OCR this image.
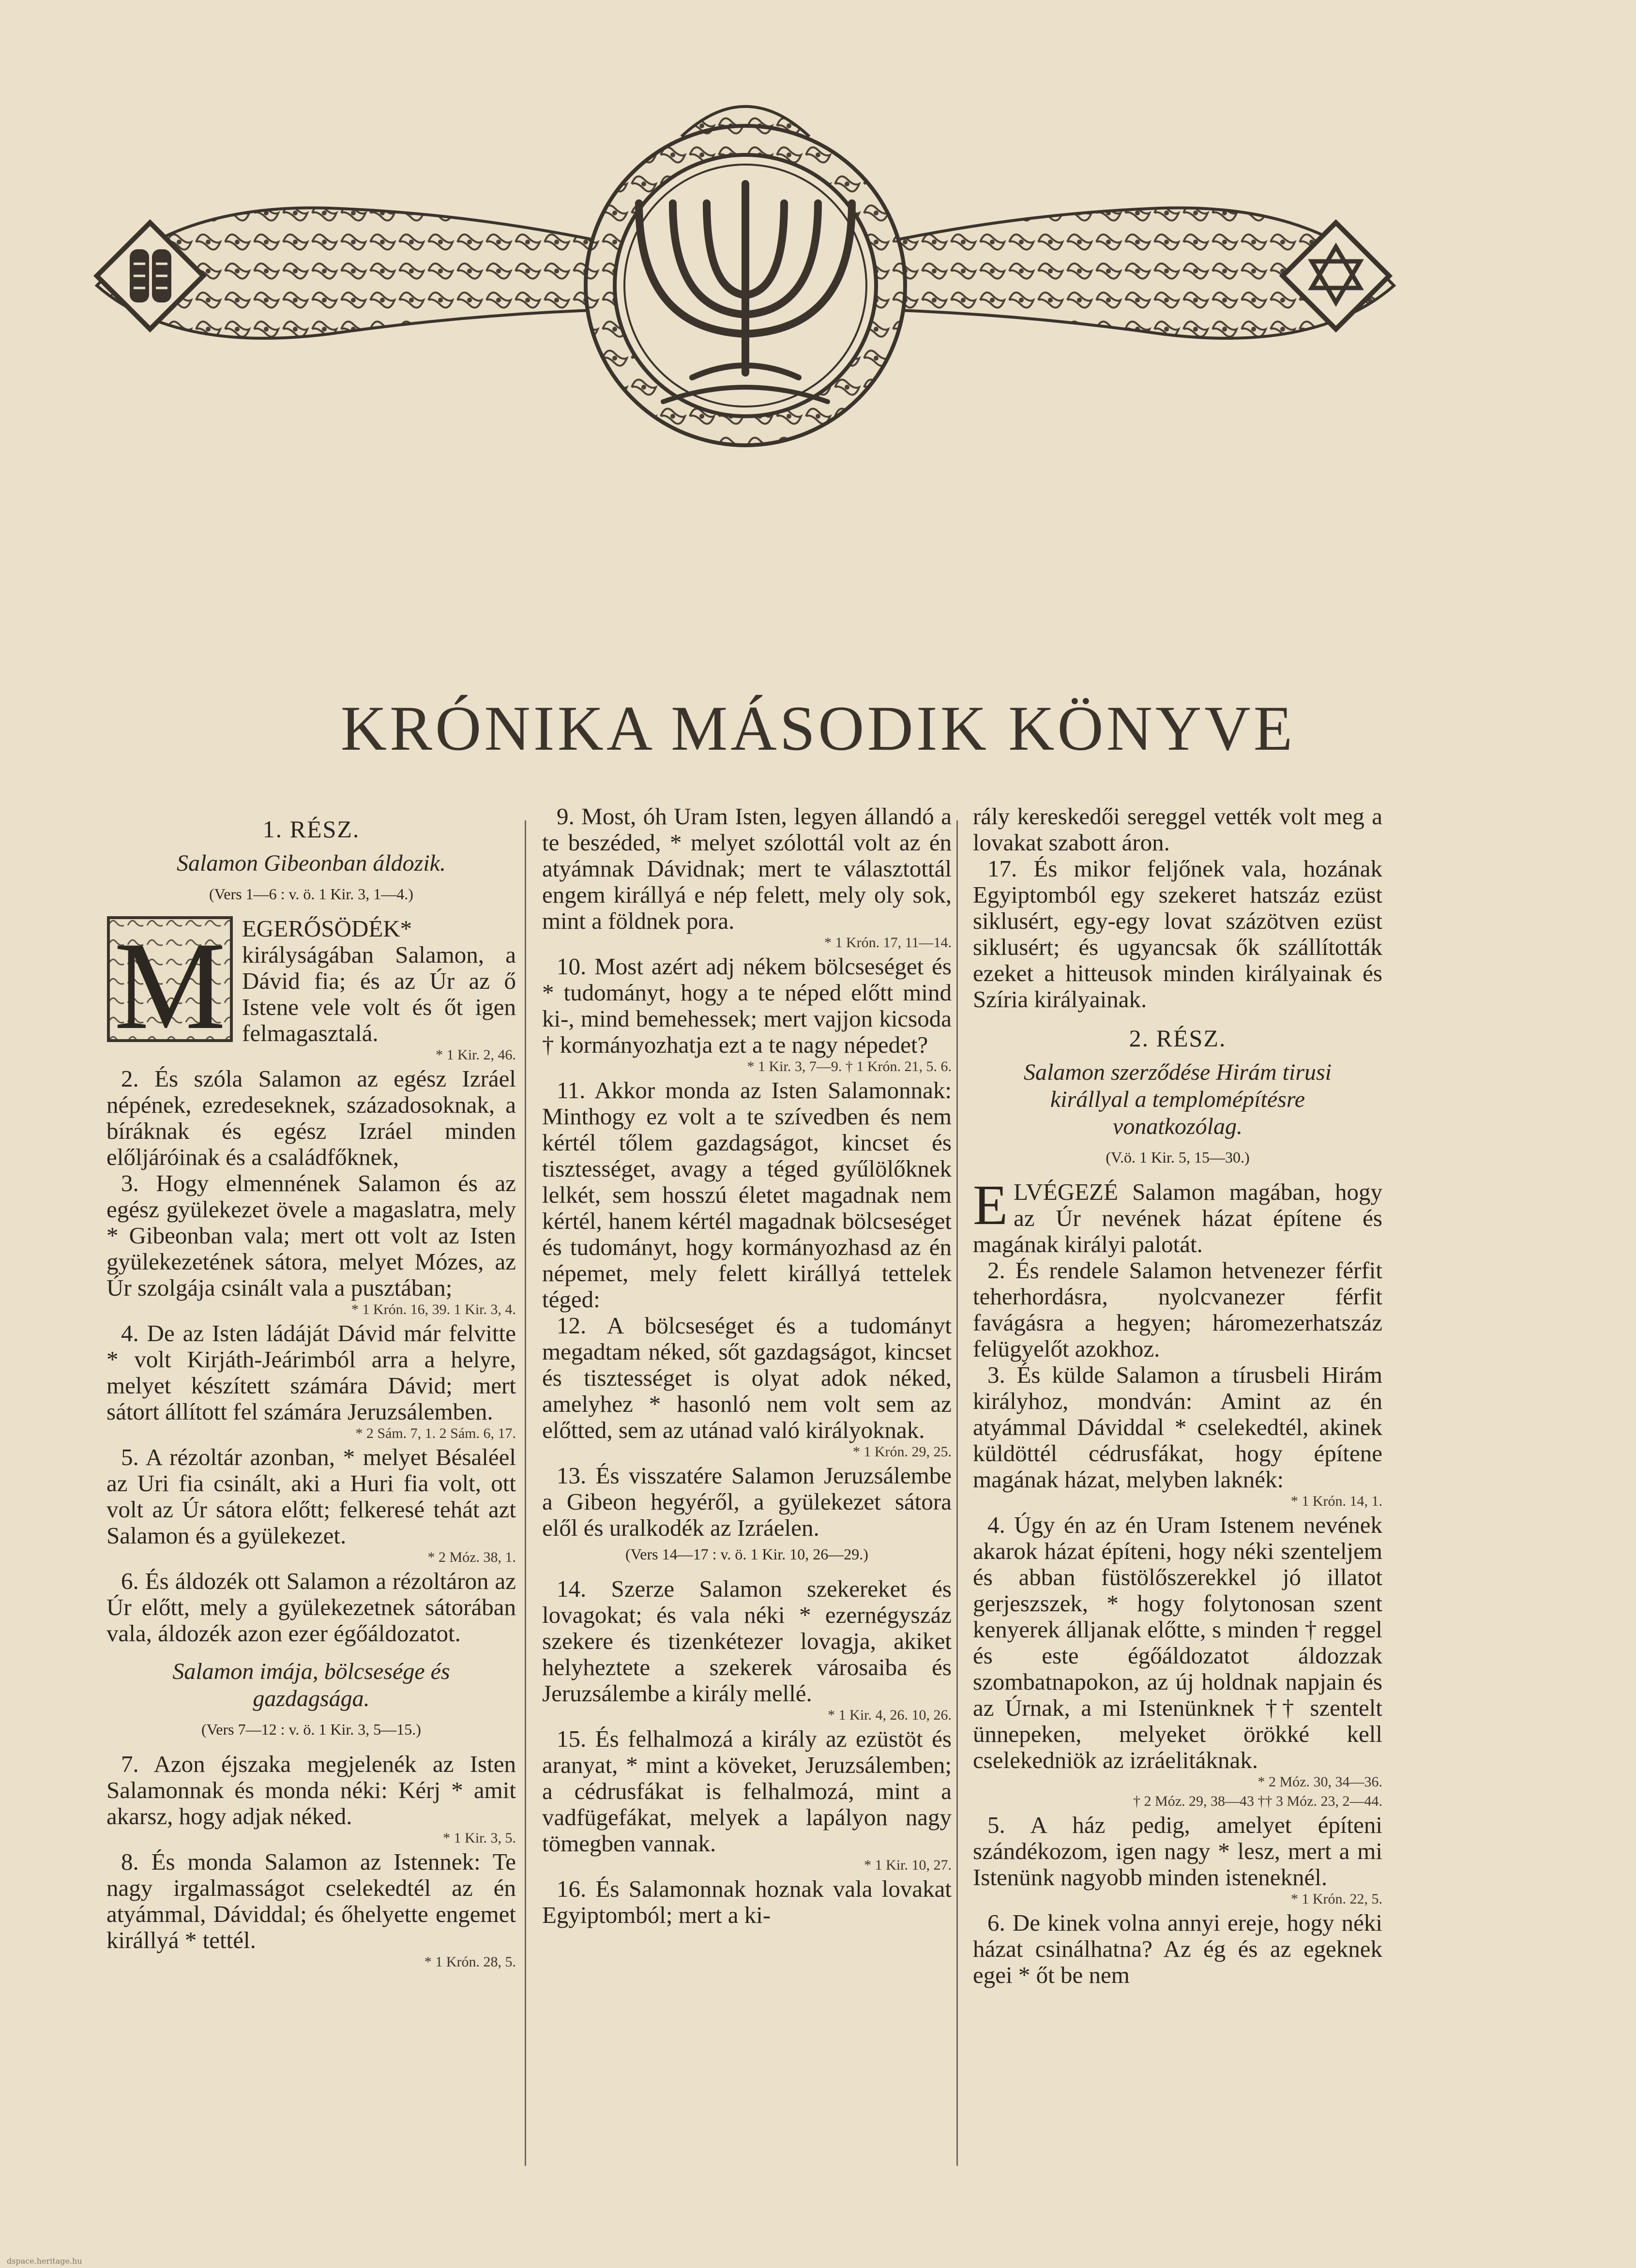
KRÓNIKA MÁSODIK KÖNYVE
1. RÉSZ.
Salamon Gibeonban áldozik.
(Vers 1—6 : v. ö. 1 Kir. 3, 1—4.)
M EGERŐSÖDÉK* királyságában Salamon, a Dávid fia; és az Úr az ő Istene vele volt és őt igen felmagasztalá.

* 1 Kir. 2, 46.

2. És szóla Salamon az egész Izráel népének, ezredeseknek, századosoknak, a bíráknak és egész Izráel minden előljáróinak és a családfőknek,

3. Hogy elmennének Salamon és az egész gyülekezet övele a magaslatra, mely * Gibeonban vala; mert ott volt az Isten gyülekezetének sátora, melyet Mózes, az Úr szolgája csinált vala a pusztában;

* 1 Krón. 16, 39. 1 Kir. 3, 4.

4. De az Isten ládáját Dávid már felvitte * volt Kirjáth-Jeárimból arra a helyre, melyet készített számára Dávid; mert sátort állított fel számára Jeruzsálemben.

* 2 Sám. 7, 1. 2 Sám. 6, 17.

5. A rézoltár azonban, * melyet Bésaléel az Uri fia csinált, aki a Huri fia volt, ott volt az Úr sátora előtt; felkeresé tehát azt Salamon és a gyülekezet.

* 2 Móz. 38, 1.

6. És áldozék ott Salamon a rézoltáron az Úr előtt, mely a gyülekezetnek sátorában vala, áldozék azon ezer égőáldozatot.

Salamon imája, bölcsesége és gazdagsága.
(Vers 7—12 : v. ö. 1 Kir. 3, 5—15.)

7. Azon éjszaka megjelenék az Isten Salamonnak és monda néki: Kérj * amit akarsz, hogy adjak néked.

* 1 Kir. 3, 5.

8. És monda Salamon az Istennek: Te nagy irgalmasságot cselekedtél az én atyámmal, Dáviddal; és őhelyette engemet királlyá * tettél.

* 1 Krón. 28, 5.

9. Most, óh Uram Isten, legyen állandó a te beszéded, * melyet szólottál volt az én atyámnak Dávidnak; mert te választottál engem királlyá e nép felett, mely oly sok, mint a földnek pora.

* 1 Krón. 17, 11—14.

10. Most azért adj nékem bölcseséget és * tudományt, hogy a te néped előtt mind ki-, mind bemehessek; mert vajjon kicsoda † kormányozhatja ezt a te nagy népedet?

* 1 Kir. 3, 7—9. † 1 Krón. 21, 5. 6.

11. Akkor monda az Isten Salamonnak: Minthogy ez volt a te szívedben és nem kértél tőlem gazdagságot, kincset és tisztességet, avagy a téged gyűlölőknek lelkét, sem hosszú életet magadnak nem kértél, hanem kértél magadnak bölcseséget és tudományt, hogy kormányozhasd az én népemet, mely felett királlyá tettelek téged:

12. A bölcseséget és a tudományt megadtam néked, sőt gazdagságot, kincset és tisztességet is olyat adok néked, amelyhez * hasonló nem volt sem az előtted, sem az utánad való királyoknak.

* 1 Krón. 29, 25.

13. És visszatére Salamon Jeruzsálembe a Gibeon hegyéről, a gyülekezet sátora elől és uralkodék az Izráelen.

(Vers 14—17 : v. ö. 1 Kir. 10, 26—29.)

14. Szerze Salamon szekereket és lovagokat; és vala néki * ezernégyszáz szekere és tizenkétezer lovagja, akiket helyheztete a szekerek városaiba és Jeruzsálembe a király mellé.

* 1 Kir. 4, 26. 10, 26.

15. És felhalmozá a király az ezüstöt és aranyat, * mint a köveket, Jeruzsálemben; a cédrusfákat is felhalmozá, mint a vadfügefákat, melyek a lapályon nagy tömegben vannak.

* 1 Kir. 10, 27.

16. És Salamonnak hoznak vala lovakat Egyiptomból; mert a ki-

rály kereskedői sereggel vették volt meg a lovakat szabott áron.

17. És mikor feljőnek vala, hozának Egyiptomból egy szekeret hatszáz ezüst siklusért, egy-egy lovat százötven ezüst siklusért; és ugyancsak ők szállították ezeket a hitteusok minden királyainak és Szíria királyainak.

2. RÉSZ.
Salamon szerződése Hirám tirusi királlyal a templomépítésre vonatkozólag.
(V.ö. 1 Kir. 5, 15—30.)
E LVÉGEZÉ Salamon magában, hogy az Úr nevének házat építene és magának királyi palotát.

2. És rendele Salamon hetvenezer férfit teherhordásra, nyolcvanezer férfit favágásra a hegyen; háromezerhatszáz felügyelőt azokhoz.

3. És külde Salamon a tírusbeli Hirám királyhoz, mondván: Amint az én atyámmal Dáviddal * cselekedtél, akinek küldöttél cédrusfákat, hogy építene magának házat, melyben laknék:

* 1 Krón. 14, 1.

4. Úgy én az én Uram Istenem nevének akarok házat építeni, hogy néki szenteljem és abban füstölőszerekkel jó illatot gerjeszszek, * hogy folytonosan szent kenyerek álljanak előtte, s minden † reggel és este égőáldozatot áldozzak szombatnapokon, az új holdnak napjain és az Úrnak, a mi Istenünknek †† szentelt ünnepeken, melyeket örökké kell cselekedniök az izráelitáknak.

* 2 Móz. 30, 34—36.

† 2 Móz. 29, 38—43 †† 3 Móz. 23, 2—44.

5. A ház pedig, amelyet építeni szándékozom, igen nagy * lesz, mert a mi Istenünk nagyobb minden isteneknél.

* 1 Krón. 22, 5.

6. De kinek volna annyi ereje, hogy néki házat csinálhatna? Az ég és az egeknek egei * őt be nem

dspace.heritage.hu
